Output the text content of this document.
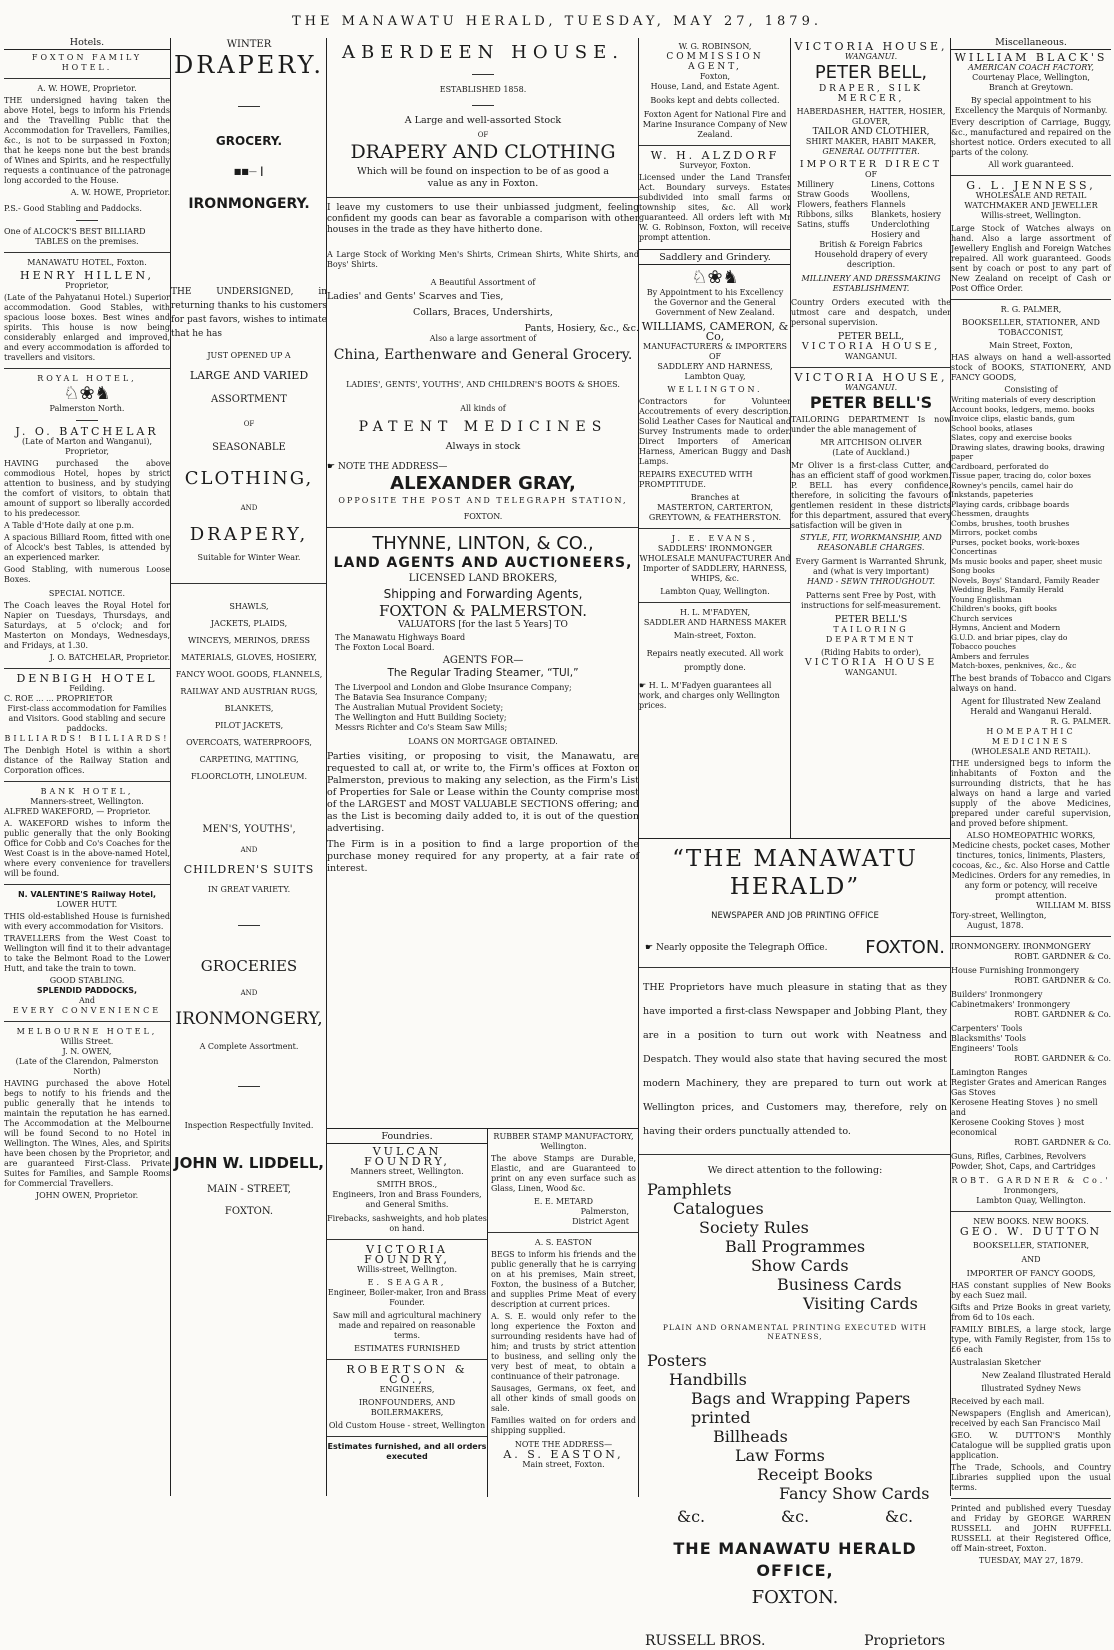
THE MANAWATU HERALD, TUESDAY, MAY 27, 1879.
Hotels.
FOXTON FAMILY HOTEL.
A. W. HOWE, Proprietor.
THE undersigned having taken the above Hotel, begs to inform his Friends and the Travelling Public that the Accommodation for Travellers, Families, &c., is not to be surpassed in Foxton; that he keeps none but the best brands of Wines and Spirits, and he respectfully requests a continuance of the patronage long accorded to the House.
A. W. HOWE, Proprietor.
P.S.- Good Stabling and Paddocks.
One of ALCOCK'S BEST BILLIARD
TABLES on the premises.
MANAWATU HOTEL, Foxton.
HENRY HILLEN,
Proprietor,
(Late of the Pahyatanui Hotel.) Superior accommodation. Good Stables, with spacious loose boxes. Best wines and spirits. This house is now being considerably enlarged and improved, and every accommodation is afforded to travellers and visitors.
ROYAL HOTEL,
♘❀♞
Palmerston North.
J. O. BATCHELAR
(Late of Marton and Wanganui),
Proprietor,
HAVING purchased the above commodious Hotel, hopes by strict attention to business, and by studying the comfort of visitors, to obtain that amount of support so liberally accorded to his predecessor.
A Table d'Hote daily at one p.m.
A spacious Billiard Room, fitted with one of Alcock's best Tables, is attended by an experienced marker.
Good Stabling, with numerous Loose Boxes.
SPECIAL NOTICE.
The Coach leaves the Royal Hotel for Napier on Tuesdays, Thursdays, and Saturdays, at 5 o'clock; and for Masterton on Mondays, Wednesdays, and Fridays, at 1.30.
J. O. BATCHELAR, Proprietor.
DENBIGH HOTEL
Feilding.
C. ROE ... ... PROPRIETOR
First-class accommodation for Families and Visitors. Good stabling and secure paddocks.
BILLIARDS! BILLIARDS!
The Denbigh Hotel is within a short distance of the Railway Station and Corporation offices.
BANK HOTEL,
Manners-street, Wellington.
ALFRED WAKEFORD, — Proprietor.
A. WAKEFORD wishes to inform the public generally that the only Booking Office for Cobb and Co's Coaches for the West Coast is in the above-named Hotel, where every convenience for travellers will be found.
N. VALENTINE'S Railway Hotel,
LOWER HUTT.
THIS old-established House is furnished with every accommodation for Visitors.
TRAVELLERS from the West Coast to Wellington will find it to their advantage to take the Belmont Road to the Lower Hutt, and take the train to town.
GOOD STABLING.
SPLENDID PADDOCKS,
And
EVERY CONVENIENCE
MELBOURNE HOTEL,
Willis Street.
J. N. OWEN,
(Late of the Clarendon, Palmerston North)
HAVING purchased the above Hotel begs to notify to his friends and the public generally that he intends to maintain the reputation he has earned. The Accommodation at the Melbourne will be found Second to no Hotel in Wellington. The Wines, Ales, and Spirits have been chosen by the Proprietor, and are guaranteed First-Class. Private Suites for Families, and Sample Rooms for Commercial Travellers.
JOHN OWEN, Proprietor.
WINTER
DRAPERY.
GROCERY.
■■— ┃
IRONMONGERY.
THE UNDERSIGNED, in returning thanks to his customers for past favors, wishes to intimate that he has
JUST OPENED UP A
LARGE AND VARIED
ASSORTMENT
OF
SEASONABLE
CLOTHING,
AND
DRAPERY,
Suitable for Winter Wear.
SHAWLS,
JACKETS, PLAIDS,
WINCEYS, MERINOS, DRESS MATERIALS, GLOVES, HOSIERY,
FANCY WOOL GOODS, FLANNELS, RAILWAY AND AUSTRIAN RUGS,
BLANKETS,
PILOT JACKETS,
OVERCOATS, WATERPROOFS,
CARPETING, MATTING, FLOORCLOTH, LINOLEUM.
MEN'S, YOUTHS',
AND
CHILDREN'S SUITS
IN GREAT VARIETY.
GROCERIES
AND
IRONMONGERY,
A Complete Assortment.
Inspection Respectfully Invited.
JOHN W. LIDDELL,
MAIN - STREET,
FOXTON.
ABERDEEN HOUSE.
ESTABLISHED 1858.
A Large and well-assorted Stock
OF
DRAPERY AND CLOTHING
Which will be found on inspection to be of as good a value as any in Foxton.
I leave my customers to use their unbiassed judgment, feeling confident my goods can bear as favorable a comparison with other houses in the trade as they have hitherto done.
A Large Stock of Working Men's Shirts, Crimean Shirts, White Shirts, and Boys' Shirts.
A Beautiful Assortment of
Ladies' and Gents' Scarves and Ties,
Collars, Braces, Undershirts,
Pants, Hosiery, &c., &c.
Also a large assortment of
China, Earthenware and General Grocery.
LADIES', GENTS', YOUTHS', AND CHILDREN'S BOOTS & SHOES.
All kinds of
PATENT MEDICINES
Always in stock
☛ NOTE THE ADDRESS—
ALEXANDER GRAY,
OPPOSITE THE POST AND TELEGRAPH STATION,
FOXTON.
THYNNE, LINTON, & CO.,
LAND AGENTS AND AUCTIONEERS,
LICENSED LAND BROKERS,
Shipping and Forwarding Agents,
FOXTON & PALMERSTON.
VALUATORS [for the last 5 Years] TO
The Manawatu Highways Board
The Foxton Local Board.
AGENTS FOR—
The Regular Trading Steamer, “TUI,”
The Liverpool and London and Globe Insurance Company;
The Batavia Sea Insurance Company;
The Australian Mutual Provident Society;
The Wellington and Hutt Building Society;
Messrs Richter and Co's Steam Saw Mills;
LOANS ON MORTGAGE OBTAINED.
Parties visiting, or proposing to visit, the Manawatu, are requested to call at, or write to, the Firm's offices at Foxton or Palmerston, previous to making any selection, as the Firm's List of Properties for Sale or Lease within the County comprise most of the LARGEST and MOST VALUABLE SECTIONS offering; and as the List is becoming daily added to, it is out of the question advertising.
The Firm is in a position to find a large proportion of the purchase money required for any property, at a fair rate of interest.
Foundries.
VULCAN FOUNDRY,
Manners street, Wellington.
SMITH BROS.,
Engineers, Iron and Brass Founders, and General Smiths.
Firebacks, sashweights, and hob plates on hand.
VICTORIA FOUNDRY,
Willis-street, Wellington.
E. SEAGAR,
Engineer, Boiler-maker, Iron and Brass Founder.
Saw mill and agricultural machinery made and repaired on reasonable terms.
ESTIMATES FURNISHED
ROBERTSON & CO.,
ENGINEERS,
IRONFOUNDERS, AND BOILERMAKERS,
Old Custom House - street, Wellington
Estimates furnished, and all orders executed
RUBBER STAMP MANUFACTORY,
Wellington.
The above Stamps are Durable, Elastic, and are Guaranteed to print on any even surface such as Glass, Linen, Wood &c.
E. E. METARD
Palmerston,
District Agent
A. S. EASTON
BEGS to inform his friends and the public generally that he is carrying on at his premises, Main street, Foxton, the business of a Butcher, and supplies Prime Meat of every description at current prices.
A. S. E. would only refer to the long experience the Foxton and surrounding residents have had of him; and trusts by strict attention to business, and selling only the very best of meat, to obtain a continuance of their patronage.
Sausages, Germans, ox feet, and all other kinds of small goods on sale.
Families waited on for orders and shipping supplied.
NOTE THE ADDRESS—
A. S. EASTON,
Main street, Foxton.
W. G. ROBINSON,
COMMISSION AGENT,
Foxton,
House, Land, and Estate Agent.
Books kept and debts collected.
Foxton Agent for National Fire and Marine Insurance Company of New Zealand.
W. H. ALZDORF
Surveyor, Foxton.
Licensed under the Land Transfer Act. Boundary surveys. Estates subdivided into small farms or township sites, &c. All work guaranteed. All orders left with Mr W. G. Robinson, Foxton, will receive prompt attention.
Saddlery and Grindery.
♘❀♞
By Appointment to his Excellency the Governor and the General Government of New Zealand.
WILLIAMS, CAMERON, & Co,
MANUFACTURERS & IMPORTERS
OF
SADDLERY AND HARNESS,
Lambton Quay,
WELLINGTON.
Contractors for Volunteer Accoutrements of every description. Solid Leather Cases for Nautical and Survey Instruments made to order. Direct Importers of American Harness, American Buggy and Dash Lamps.
REPAIRS EXECUTED WITH PROMPTITUDE.
Branches at
MASTERTON, CARTERTON, GREYTOWN, & FEATHERSTON.
J. E. EVANS,
SADDLERS' IRONMONGER WHOLESALE MANUFACTURER And Importer of SADDLERY, HARNESS, WHIPS, &c.
Lambton Quay, Wellington.
H. L. M'FADYEN,
SADDLER AND HARNESS MAKER
Main-street, Foxton.
Repairs neatly executed. All work promptly done.
☛ H. L. M'Fadyen guarantees all work, and charges only Wellington prices.
VICTORIA HOUSE,
WANGANUI.
PETER BELL,
DRAPER, SILK MERCER,
HABERDASHER, HATTER, HOSIER, GLOVER,
TAILOR AND CLOTHIER,
SHIRT MAKER, HABIT MAKER,
GENERAL OUTFITTER.
IMPORTER DIRECT
OF
Millinery
Straw Goods
Flowers, feathers
Ribbons, silks
Satins, stuffs
Linens, Cottons
Woollens, Flannels
Blankets, hosiery
Underclothing
Hosiery and
British & Foreign Fabrics
Household drapery of every description.
MILLINERY AND DRESSMAKING ESTABLISHMENT.
Country Orders executed with the utmost care and despatch, under personal supervision.
PETER BELL,
VICTORIA HOUSE,
WANGANUI.
VICTORIA HOUSE,
WANGANUI.
PETER BELL'S
TAILORING DEPARTMENT Is now under the able management of
MR AITCHISON OLIVER
(Late of Auckland.)
Mr Oliver is a first-class Cutter, and has an efficient staff of good workmen. P. BELL has every confidence, therefore, in soliciting the favours of gentlemen resident in these districts for this department, assured that every satisfaction will be given in
STYLE, FIT, WORKMANSHIP, AND REASONABLE CHARGES.
Every Garment is Warranted Shrunk, and (what is very important)
HAND - SEWN THROUGHOUT.
Patterns sent Free by Post, with instructions for self-measurement.
PETER BELL'S
TAILORING DEPARTMENT
(Riding Habits to order),
VICTORIA HOUSE
WANGANUI.
“THE MANAWATU HERALD”
NEWSPAPER AND JOB PRINTING OFFICE
☛ Nearly opposite the Telegraph Office. FOXTON.
THE Proprietors have much pleasure in stating that as they have imported a first-class Newspaper and Jobbing Plant, they are in a position to turn out work with Neatness and Despatch. They would also state that having secured the most modern Machinery, they are prepared to turn out work at Wellington prices, and Customers may, therefore, rely on having their orders punctually attended to.
We direct attention to the following:
Pamphlets
Catalogues
Society Rules
Ball Programmes
Show Cards
Business Cards
Visiting Cards
PLAIN AND ORNAMENTAL PRINTING EXECUTED WITH NEATNESS,
Posters
Handbills
Bags and Wrapping Papers printed
Billheads
Law Forms
Receipt Books
Fancy Show Cards
&c.	&c.	&c.
THE MANAWATU HERALD OFFICE,
FOXTON.
RUSSELL BROS.	Proprietors
Miscellaneous.
WILLIAM BLACK'S
AMERICAN COACH FACTORY,
Courtenay Place, Wellington,
Branch at Greytown.
By special appointment to his Excellency the Marquis of Normanby.
Every description of Carriage, Buggy, &c., manufactured and repaired on the shortest notice. Orders executed to all parts of the colony.
All work guaranteed.
G. L. JENNESS,
WHOLESALE AND RETAIL WATCHMAKER AND JEWELLER
Willis-street, Wellington.
Large Stock of Watches always on hand. Also a large assortment of Jewellery English and Foreign Watches repaired. All work guaranteed. Goods sent by coach or post to any part of New Zealand on receipt of Cash or Post Office Order.
R. G. PALMER,
BOOKSELLER, STATIONER, AND TOBACCONIST,
Main Street, Foxton,
HAS always on hand a well-assorted stock of BOOKS, STATIONERY, AND FANCY GOODS,
Consisting of
Writing materials of every description
Account books, ledgers, memo. books
Invoice clips, elastic bands, gum
School books, atlases
Slates, copy and exercise books
Drawing slates, drawing books, drawing paper
Cardboard, perforated do
Tissue paper, tracing do, color boxes
Rowney's pencils, camel hair do
Inkstands, papeteries
Playing cards, cribbage boards
Chessmen, draughts
Combs, brushes, tooth brushes
Mirrors, pocket combs
Purses, pocket books, work-boxes
Concertinas
Ms music books and paper, sheet music
Song books
Novels, Boys' Standard, Family Reader
Wedding Bells, Family Herald
Young Englishman
Children's books, gift books
Church services
Hymns, Ancient and Modern
G.U.D. and briar pipes, clay do
Tobacco pouches
Ambers and ferrules
Match-boxes, penknives, &c., &c
The best brands of Tobacco and Cigars always on hand.
Agent for Illustrated New Zealand Herald and Wanganui Herald.
R. G. PALMER.
HOMEPATHIC MEDICINES
(WHOLESALE AND RETAIL).
THE undersigned begs to inform the inhabitants of Foxton and the surrounding districts, that he has always on hand a large and varied supply of the above Medicines, prepared under careful supervision, and proved before shipment.
ALSO HOMEOPATHIC WORKS, Medicine chests, pocket cases, Mother tinctures, tonics, liniments, Plasters, cocoas, &c., &c. Also Horse and Cattle Medicines. Orders for any remedies, in any form or potency, will receive prompt attention.
WILLIAM M. BISS
Tory-street, Wellington,
August, 1878.
IRONMONGERY. IRONMONGERY
ROBT. GARDNER & Co.
House Furnishing Ironmongery
ROBT. GARDNER & Co.
Builders' Ironmongery
Cabinetmakers' Ironmongery
ROBT. GARDNER & Co.
Carpenters' Tools
Blacksmiths' Tools
Engineers' Tools
ROBT. GARDNER & Co.
Lamington Ranges
Register Grates and American Ranges
Gas Stoves
Kerosene Heating Stoves } no smell and
Kerosene Cooking Stoves } most economical
ROBT. GARDNER & Co.
Guns, Rifles, Carbines, Revolvers
Powder, Shot, Caps, and Cartridges
ROBT. GARDNER & Co.'
Ironmongers,
Lambton Quay, Wellington.
NEW BOOKS. NEW BOOKS.
GEO. W. DUTTON
BOOKSELLER, STATIONER,
AND
IMPORTER OF FANCY GOODS,
HAS constant supplies of New Books by each Suez mail.
Gifts and Prize Books in great variety, from 6d to 10s each.
FAMILY BIBLES, a large stock, large type, with Family Register, from 15s to £6 each
Australasian Sketcher
New Zealand Illustrated Herald
Illustrated Sydney News
Received by each mail.
Newspapers (English and American), received by each San Francisco Mail
GEO. W. DUTTON'S Monthly Catalogue will be supplied gratis upon application.
The Trade, Schools, and Country Libraries supplied upon the usual terms.
Printed and published every Tuesday and Friday by GEORGE WARREN RUSSELL and JOHN RUFFELL RUSSELL at their Registered Office, off Main-street, Foxton.
TUESDAY, MAY 27, 1879.
